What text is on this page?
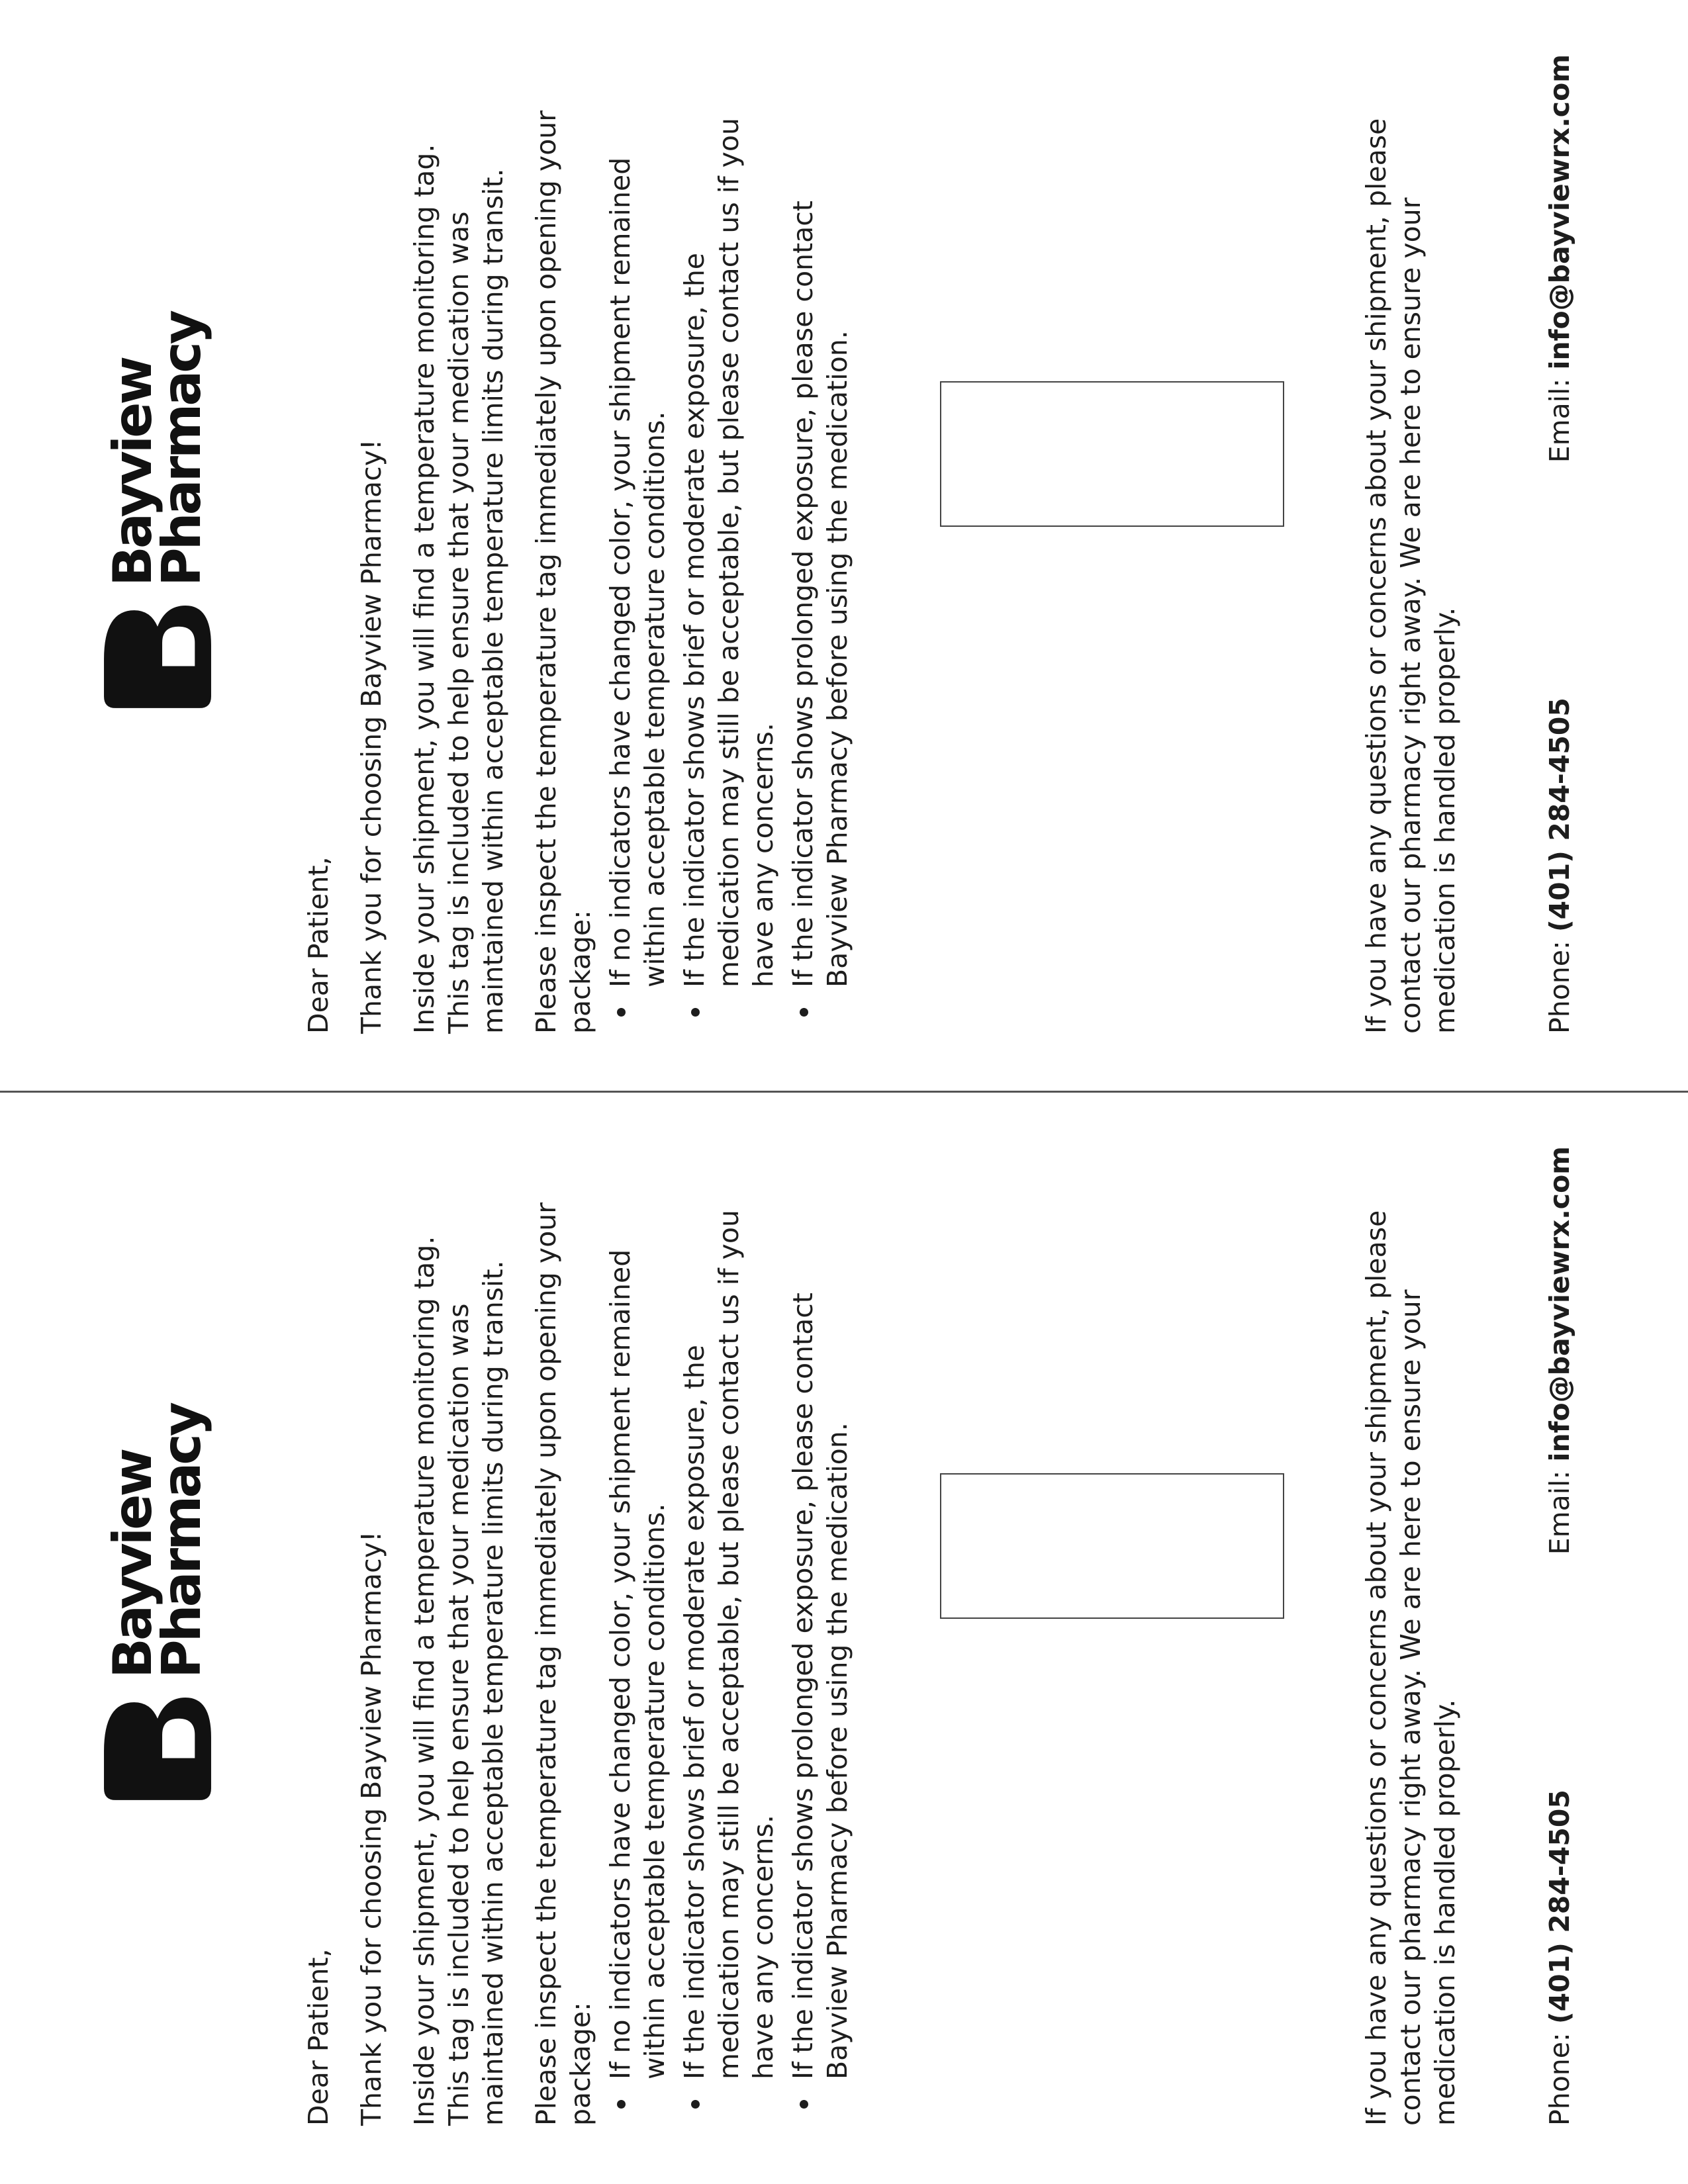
Bayview
Pharmacy

Dear Patient, Thank you for choosing Bayview Pharmacy! Inside your shipment, you will find a temperature monitoring tag. This tag is included to help ensure that your medication was maintained within acceptable temperature limits during transit. Please inspect the temperature tag immediately upon opening your package: • If no indicators have changed color, your shipment remained within acceptable temperature conditions. • If the indicator shows brief or moderate exposure, the medication may still be acceptable, but please contact us if you have any concerns. • If the indicator shows prolonged exposure, please contact Bayview Pharmacy before using the medication.	If you have any questions or concerns about your shipment, please contact our pharmacy right away. We are here to ensure your medication is handled properly.	Phone: (401) 284-4505
Email: info@bayviewrx.com
Bayview
Pharmacy

Dear Patient, Thank you for choosing Bayview Pharmacy! Inside your shipment, you will find a temperature monitoring tag. This tag is included to help ensure that your medication was maintained within acceptable temperature limits during transit. Please inspect the temperature tag immediately upon opening your package: • If no indicators have changed color, your shipment remained within acceptable temperature conditions. • If the indicator shows brief or moderate exposure, the medication may still be acceptable, but please contact us if you have any concerns. • If the indicator shows prolonged exposure, please contact Bayview Pharmacy before using the medication.	If you have any questions or concerns about your shipment, please contact our pharmacy right away. We are here to ensure your medication is handled properly.	Phone: (401) 284-4505
Email: info@bayviewrx.com
